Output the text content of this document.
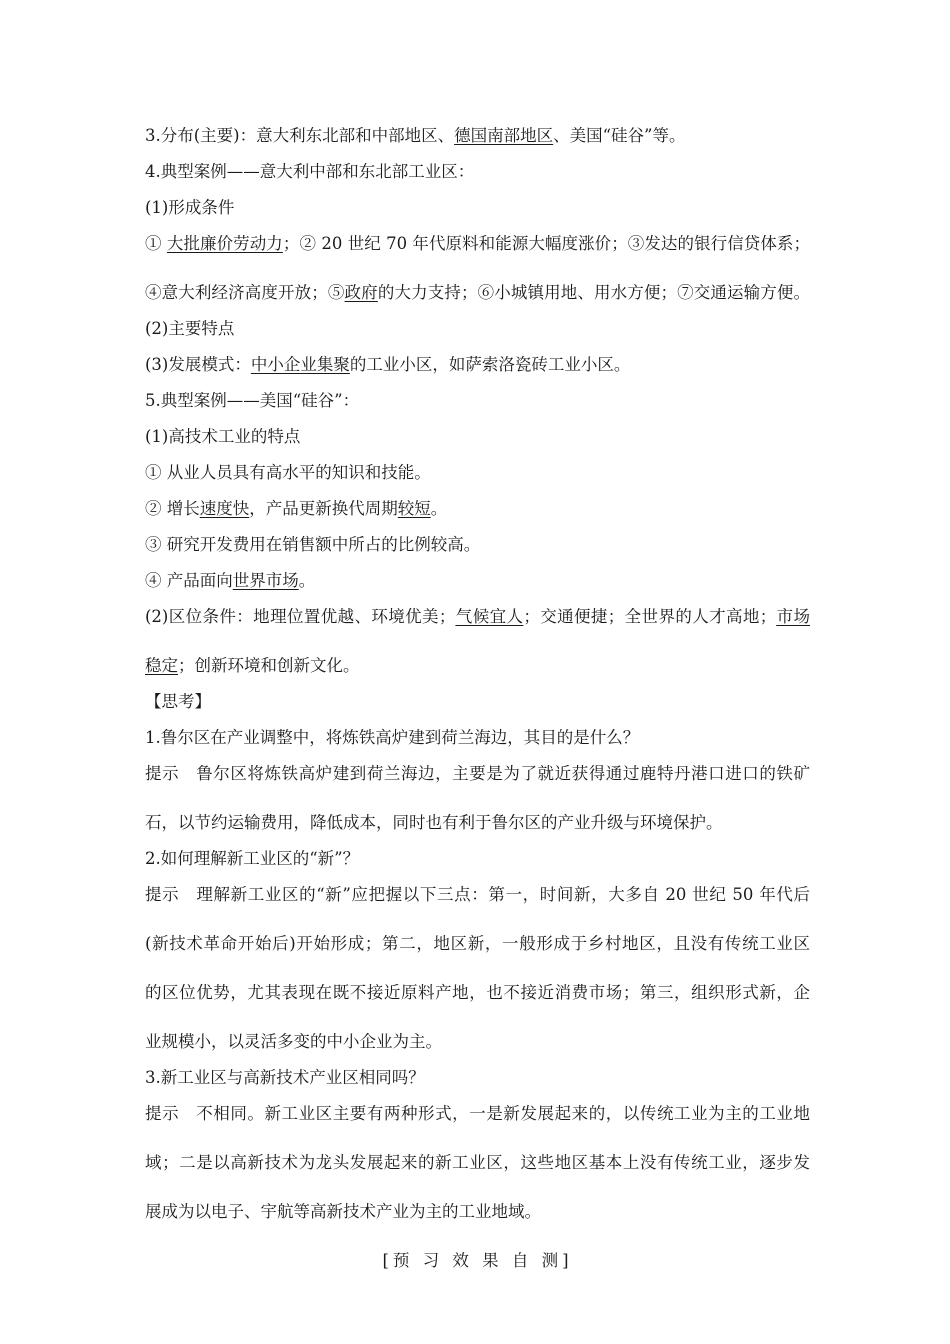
3.分布(主要)：意大利东北部和中部地区、德国南部地区、美国“硅谷”等。
4.典型案例——意大利中部和东北部工业区：
(1)形成条件
① 大批廉价劳动力；② 20 世纪 70 年代原料和能源大幅度涨价；③发达的银行信贷体系；
④意大利经济高度开放；⑤政府的大力支持；⑥小城镇用地、用水方便；⑦交通运输方便。
(2)主要特点
(3)发展模式：中小企业集聚的工业小区，如萨索洛瓷砖工业小区。
5.典型案例——美国“硅谷”：
(1)高技术工业的特点
① 从业人员具有高水平的知识和技能。
② 增长速度快，产品更新换代周期较短。
③ 研究开发费用在销售额中所占的比例较高。
④ 产品面向世界市场。
(2)区位条件：地理位置优越、环境优美；气候宜人；交通便捷；全世界的人才高地；市场
稳定；创新环境和创新文化。
【思考】
1.鲁尔区在产业调整中，将炼铁高炉建到荷兰海边，其目的是什么？
提示　鲁尔区将炼铁高炉建到荷兰海边，主要是为了就近获得通过鹿特丹港口进口的铁矿
石，以节约运输费用，降低成本，同时也有利于鲁尔区的产业升级与环境保护。
2.如何理解新工业区的“新”？
提示　理解新工业区的“新”应把握以下三点：第一，时间新，大多自 20 世纪 50 年代后
(新技术革命开始后)开始形成；第二，地区新，一般形成于乡村地区，且没有传统工业区
的区位优势，尤其表现在既不接近原料产地，也不接近消费市场；第三，组织形式新，企
业规模小，以灵活多变的中小企业为主。
3.新工业区与高新技术产业区相同吗？
提示　不相同。新工业区主要有两种形式，一是新发展起来的，以传统工业为主的工业地
域；二是以高新技术为龙头发展起来的新工业区，这些地区基本上没有传统工业，逐步发
展成为以电子、宇航等高新技术产业为主的工业地域。
[预 习 效 果 自 测]
